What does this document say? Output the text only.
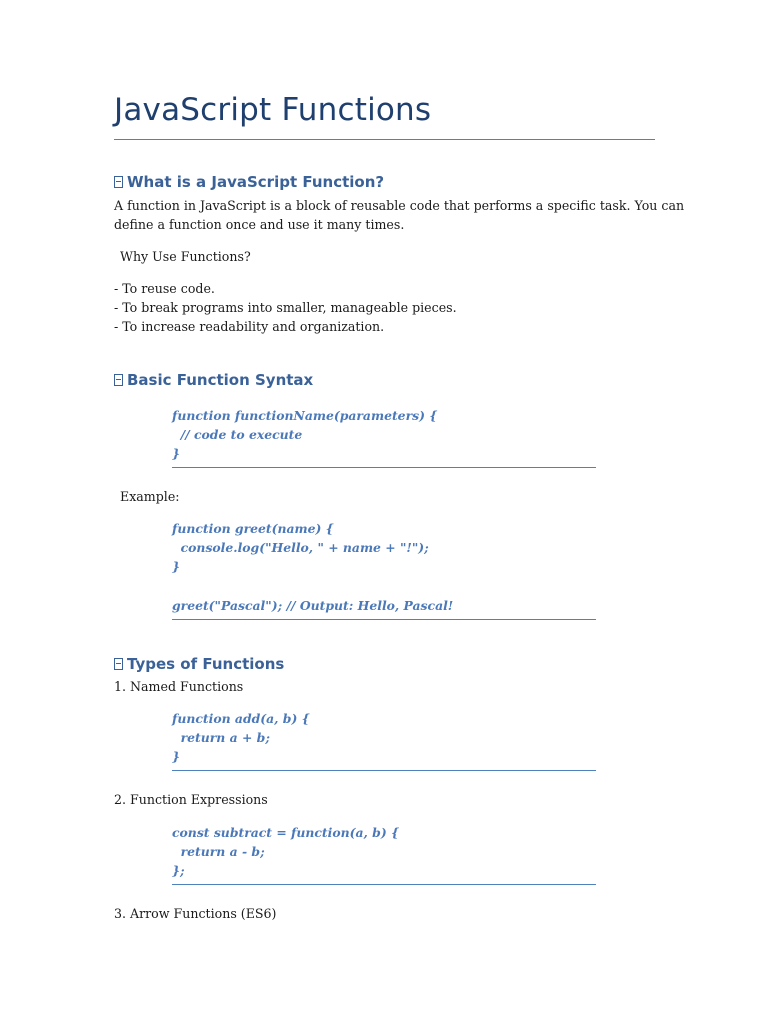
JavaScript Functions
What is a JavaScript Function?
A function in JavaScript is a block of reusable code that performs a specific task. You can
define a function once and use it many times.
Why Use Functions?
- To reuse code.
- To break programs into smaller, manageable pieces.
- To increase readability and organization.
Basic Function Syntax
function functionName(parameters) {
// code to execute
}
Example:
function greet(name) {
console.log("Hello, " + name + "!");
}
greet("Pascal"); // Output: Hello, Pascal!
Types of Functions
1. Named Functions
function add(a, b) {
return a + b;
}
2. Function Expressions
const subtract = function(a, b) {
return a - b;
};
3. Arrow Functions (ES6)
